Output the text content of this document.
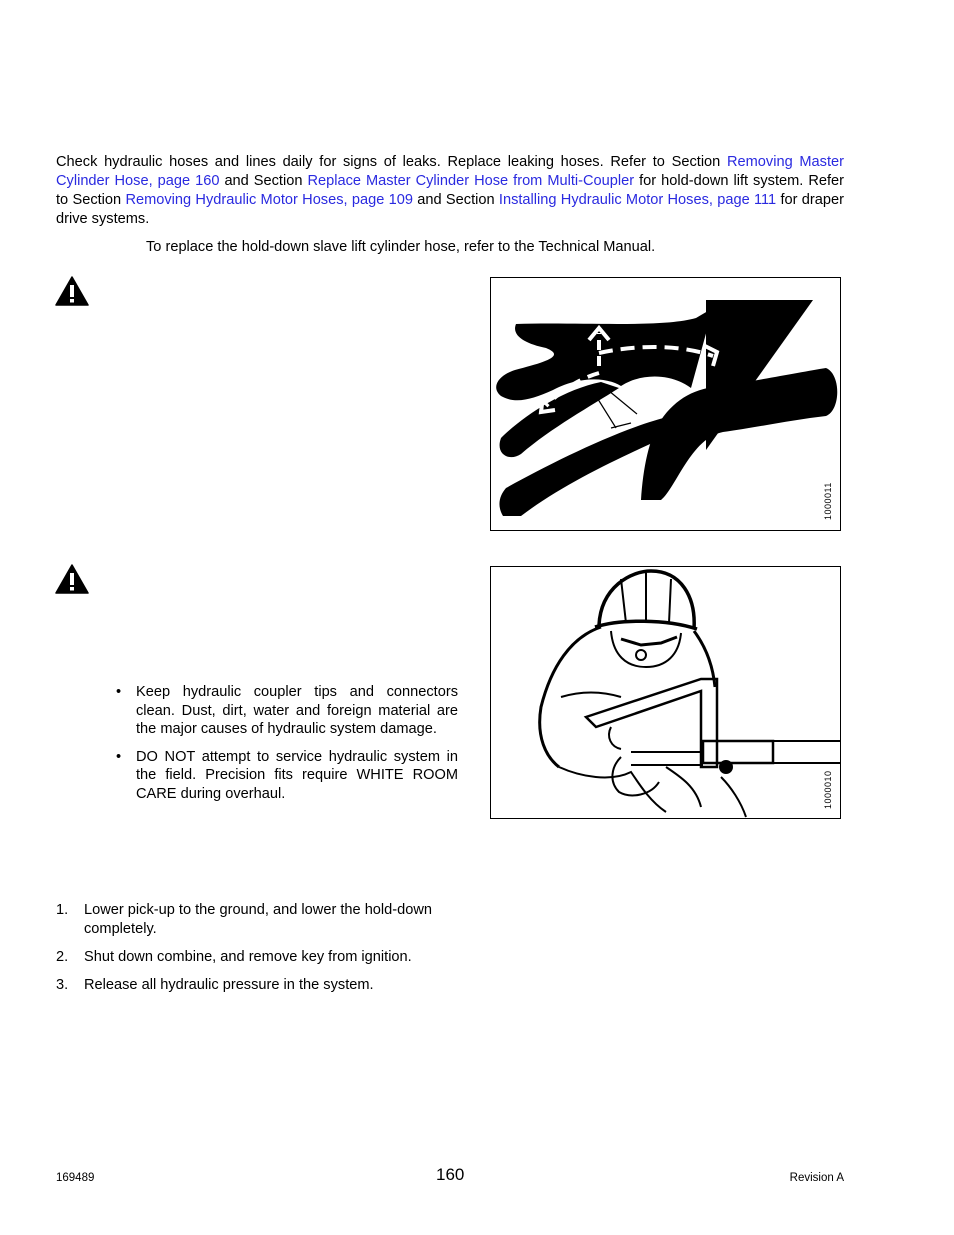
Check hydraulic hoses and lines daily for signs of leaks. Replace leaking hoses. Refer to Section Removing Master Cylinder Hose, page 160 and Section Replace Master Cylinder Hose from Multi-Coupler for hold-down lift system. Refer to Section Removing Hydraulic Motor Hoses, page 109 and Section Installing Hydraulic Motor Hoses, page 111 for draper drive systems.
To replace the hold-down slave lift cylinder hose, refer to the Technical Manual.
1000011
1000010
• Keep hydraulic coupler tips and connectors clean. Dust, dirt, water and foreign material are the major causes of hydraulic system damage.
• DO NOT attempt to service hydraulic system in the field. Precision fits require WHITE ROOM CARE during overhaul.
1. Lower pick-up to the ground, and lower the hold-down completely.
2. Shut down combine, and remove key from ignition.
3. Release all hydraulic pressure in the system.
169489	160	Revision A
